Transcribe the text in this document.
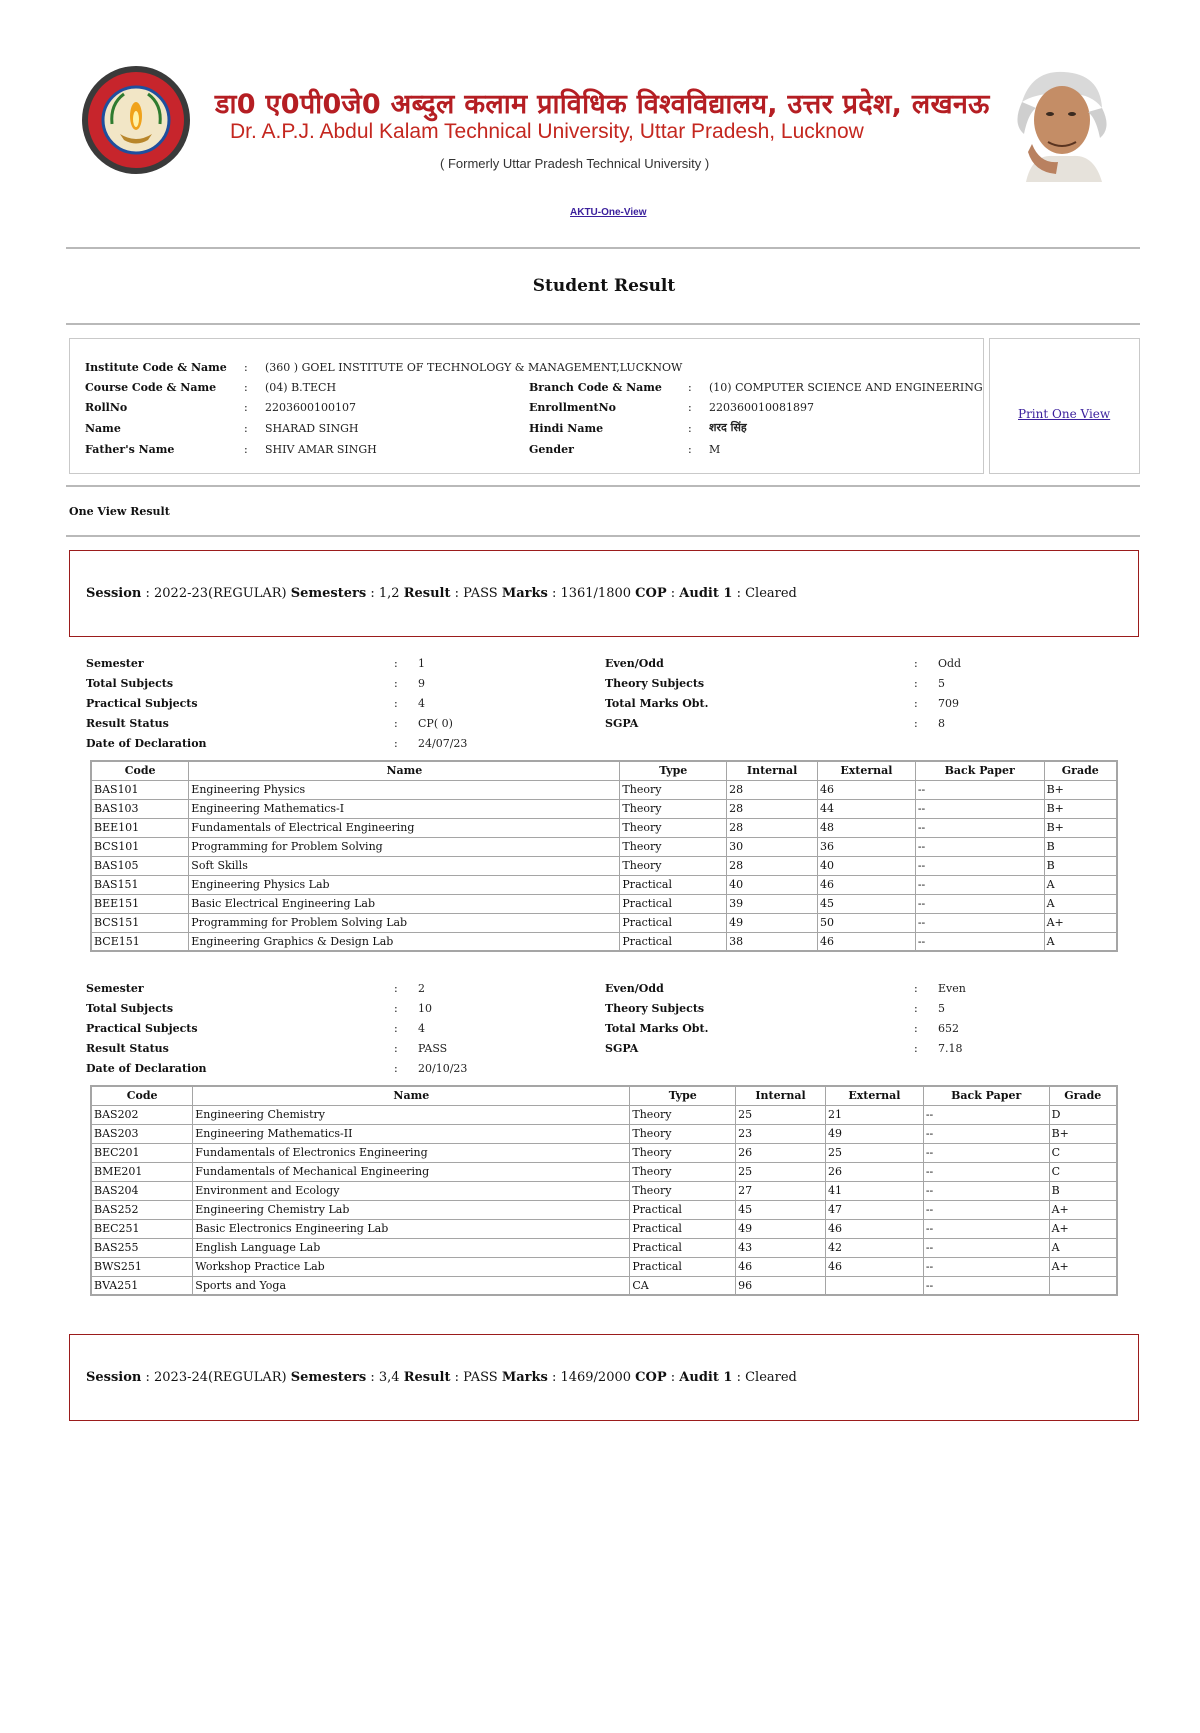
डा0 ए0पी0जे0 अब्दुल कलाम प्राविधिक विश्वविद्यालय, उत्तर प्रदेश, लखनऊ
Dr. A.P.J. Abdul Kalam Technical University, Uttar Pradesh, Lucknow
( Formerly Uttar Pradesh Technical University )
AKTU-One-View
Student Result
Institute Code & Name : (360 ) GOEL INSTITUTE OF TECHNOLOGY & MANAGEMENT,LUCKNOW
Course Code & Name	: (04) B.TECH	Branch Code & Name : (10) COMPUTER SCIENCE AND ENGINEERING
RollNo	: 2203600100107	EnrollmentNo	: 220360010081897
Name	: SHARAD SINGH	Hindi Name	: शरद सिंह
Father's Name	: SHIV AMAR SINGH	Gender	: M
Print One View
One View Result
Session : 2022-23(REGULAR) Semesters : 1,2 Result : PASS Marks : 1361/1800 COP : Audit 1 : Cleared
Semester	: 1	Even/Odd	: Odd
Total Subjects	: 9	Theory Subjects	: 5
Practical Subjects	: 4	Total Marks Obt.	: 709
Result Status	: CP( 0)	SGPA	: 8
Date of Declaration	: 24/07/23
Code	Name	Type	Internal	External	Back Paper	Grade
BAS101	Engineering Physics	Theory	28	46	--	B+
BAS103	Engineering Mathematics-I	Theory	28	44	--	B+
BEE101	Fundamentals of Electrical Engineering	Theory	28	48	--	B+
BCS101	Programming for Problem Solving	Theory	30	36	--	B
BAS105	Soft Skills	Theory	28	40	--	B
BAS151	Engineering Physics Lab	Practical	40	46	--	A
BEE151	Basic Electrical Engineering Lab	Practical	39	45	--	A
BCS151	Programming for Problem Solving Lab	Practical	49	50	--	A+
BCE151	Engineering Graphics & Design Lab	Practical	38	46	--	A
Semester	: 2	Even/Odd	: Even
Total Subjects	: 10	Theory Subjects	: 5
Practical Subjects	: 4	Total Marks Obt.	: 652
Result Status	: PASS	SGPA	: 7.18
Date of Declaration	: 20/10/23
Code	Name	Type	Internal	External	Back Paper	Grade
BAS202	Engineering Chemistry	Theory	25	21	--	D
BAS203	Engineering Mathematics-II	Theory	23	49	--	B+
BEC201	Fundamentals of Electronics Engineering	Theory	26	25	--	C
BME201	Fundamentals of Mechanical Engineering	Theory	25	26	--	C
BAS204	Environment and Ecology	Theory	27	41	--	B
BAS252	Engineering Chemistry Lab	Practical	45	47	--	A+
BEC251	Basic Electronics Engineering Lab	Practical	49	46	--	A+
BAS255	English Language Lab	Practical	43	42	--	A
BWS251	Workshop Practice Lab	Practical	46	46	--	A+
BVA251	Sports and Yoga	CA	96		--	
Session : 2023-24(REGULAR) Semesters : 3,4 Result : PASS Marks : 1469/2000 COP : Audit 1 : Cleared
